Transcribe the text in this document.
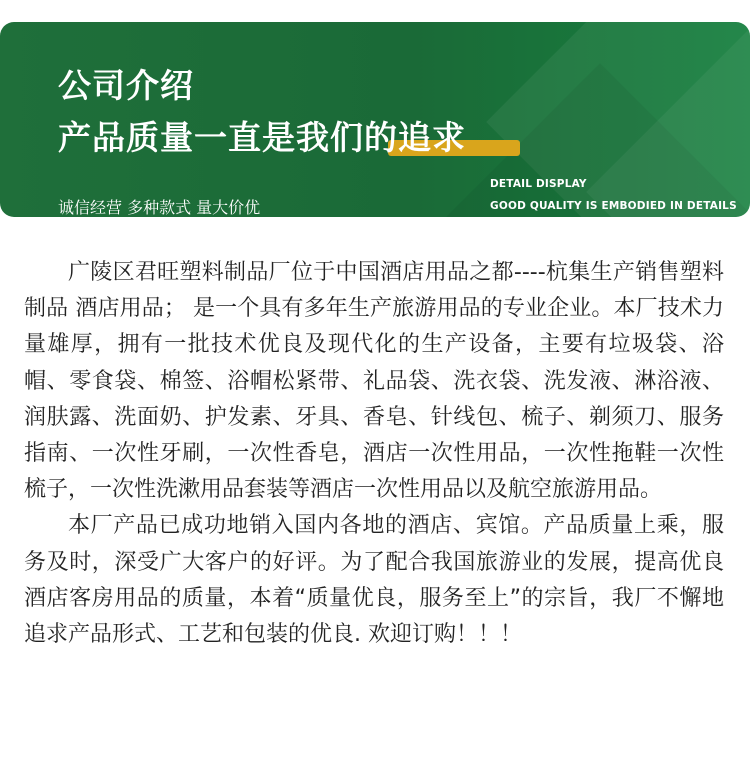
公司介绍
产品质量一直是我们的追求
诚信经营 多种款式 量大价优
DETAIL DISPLAY
GOOD QUALITY IS EMBODIED IN DETAILS

广陵区君旺塑料制品厂位于中国酒店用品之都----杭集生产销售塑料制品 酒店用品； 是一个具有多年生产旅游用品的专业企业。本厂技术力量雄厚，拥有一批技术优良及现代化的生产设备，主要有垃圾袋、浴帽、零食袋、棉签、浴帽松紧带、礼品袋、洗衣袋、洗发液、淋浴液、润肤露、洗面奶、护发素、牙具、香皂、针线包、梳子、剃须刀、服务指南、一次性牙刷，一次性香皂，酒店一次性用品，一次性拖鞋一次性梳子，一次性洗漱用品套装等酒店一次性用品以及航空旅游用品。

本厂产品已成功地销入国内各地的酒店、宾馆。产品质量上乘，服务及时，深受广大客户的好评。为了配合我国旅游业的发展，提高优良酒店客房用品的质量，本着“质量优良，服务至上”的宗旨，我厂不懈地追求产品形式、工艺和包装的优良. 欢迎订购！！！
